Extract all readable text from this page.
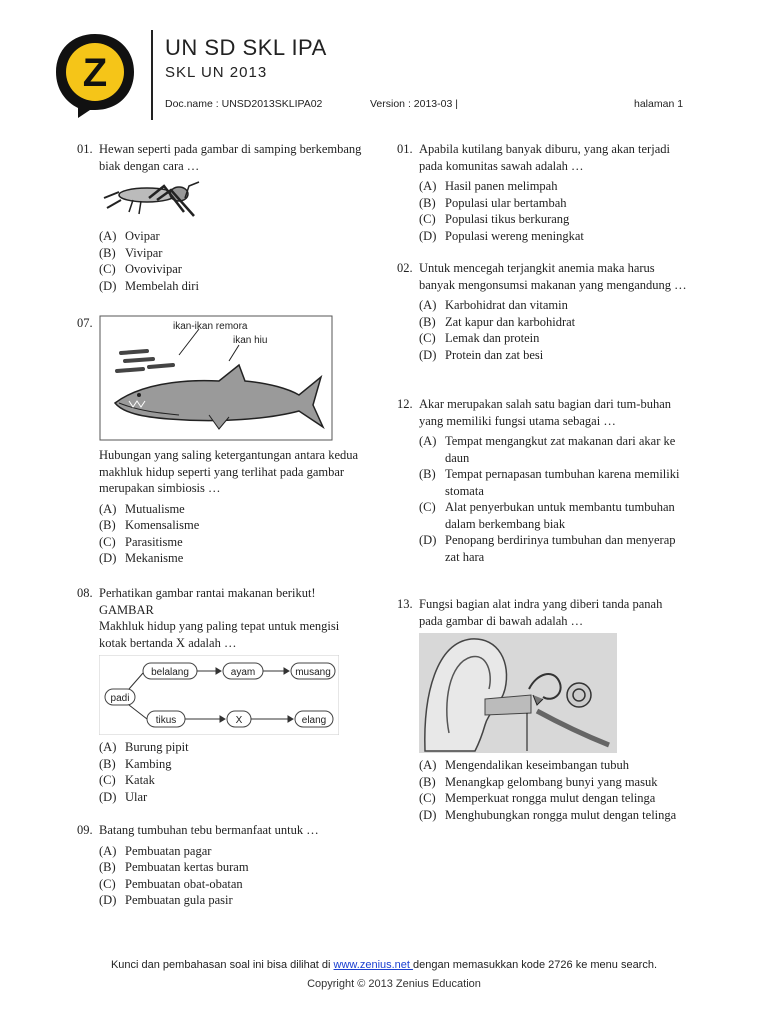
Z
UN SD SKL IPA
SKL UN 2013
Doc.name : UNSD2013SKLIPA02	Version : 2013-03 |	halaman 1
01. Hewan seperti pada gambar di samping berkembang biak dengan cara …
(A) Ovipar
(B) Vivipar
(C) Ovovivipar
(D) Membelah diri
07.	ikan-ikan remora
ikan hiu
Hubungan yang saling ketergantungan antara kedua makhluk hidup seperti yang terlihat pada gambar merupakan simbiosis …
(A) Mutualisme
(B) Komensalisme
(C) Parasitisme
(D) Mekanisme
08. Perhatikan gambar rantai makanan berikut!
GAMBAR
Makhluk hidup yang paling tepat untuk mengisi kotak bertanda X adalah …
belalang	ayam	musang
padi
tikus	X	elang
(A) Burung pipit
(B) Kambing
(C) Katak
(D) Ular
09. Batang tumbuhan tebu bermanfaat untuk …
(A) Pembuatan pagar
(B) Pembuatan kertas buram
(C) Pembuatan obat-obatan
(D) Pembuatan gula pasir
01. Apabila kutilang banyak diburu, yang akan terjadi pada komunitas sawah adalah …
(A) Hasil panen melimpah
(B) Populasi ular bertambah
(C) Populasi tikus berkurang
(D) Populasi wereng meningkat
02. Untuk mencegah terjangkit anemia maka harus banyak mengonsumsi makanan yang mengandung …
(A) Karbohidrat dan vitamin
(B) Zat kapur dan karbohidrat
(C) Lemak dan protein
(D) Protein dan zat besi
12. Akar merupakan salah satu bagian dari tum-buhan yang memiliki fungsi utama sebagai …
(A) Tempat mengangkut zat makanan dari akar ke daun
(B) Tempat pernapasan tumbuhan karena memiliki stomata
(C) Alat penyerbukan untuk membantu tumbuhan dalam berkembang biak
(D) Penopang berdirinya tumbuhan dan menyerap zat hara
13. Fungsi bagian alat indra yang diberi tanda panah pada gambar di bawah adalah …
(A) Mengendalikan keseimbangan tubuh
(B) Menangkap gelombang bunyi yang masuk
(C) Memperkuat rongga mulut dengan telinga
(D) Menghubungkan rongga mulut dengan telinga
Kunci dan pembahasan soal ini bisa dilihat di www.zenius.net dengan memasukkan kode 2726 ke menu search.
Copyright © 2013 Zenius Education
